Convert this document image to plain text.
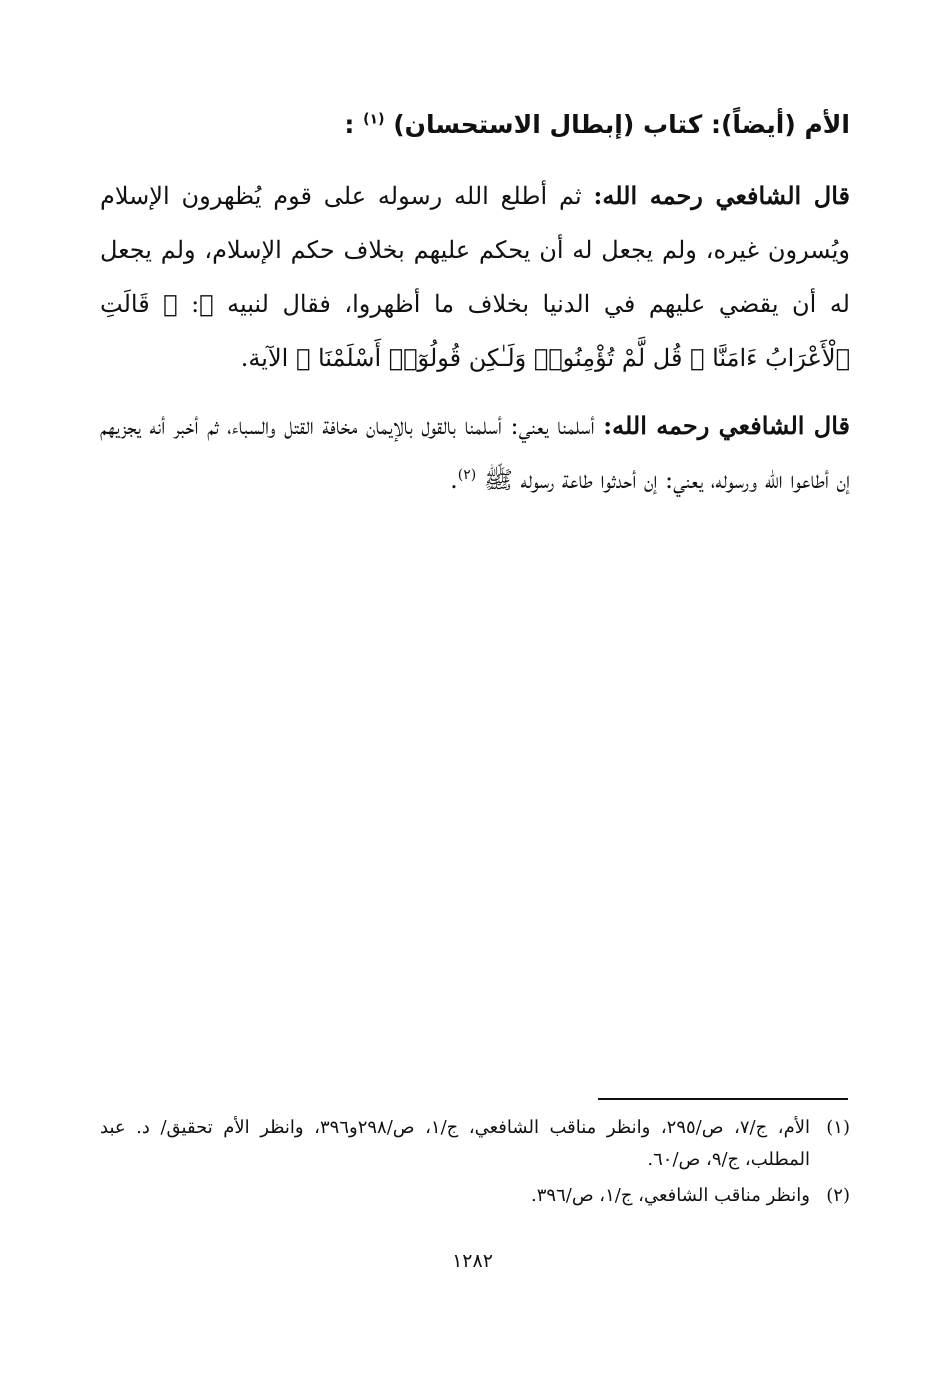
الأم (أيضاً): كتاب (إبطال الاستحسان) $^{(١)}$ :

قال الشافعي رحمه الله: ثم أطلع الله رسوله على قوم يُظهرون الإسلام ويُسرون غيره، ولم يجعل له أن يحكم عليهم بخلاف حكم الإسلام، ولم يجعل له أن يقضي عليهم في الدنيا بخلاف ما أظهروا، فقال لنبيه ﷺ: ﴿ قَالَتِ ٱلْأَعْرَابُ ءَامَنَّا ۖ قُل لَّمْ تُؤْمِنُوا۟ وَلَـٰكِن قُولُوٓا۟ أَسْلَمْنَا ﴾ الآية.

قال الشافعي رحمه الله: أسلمنا يعني: أسلمنا بالقول بالإيمان مخافة القتل والسباء، ثم أخبر أنه يجزيهم إن أطاعوا الله ورسوله، يعني: إن أحدثوا طاعة رسوله ﷺ $^{(٢)}$.

(١)
الأم، ج/٧، ص/٢٩٥، وانظر مناقب الشافعي، ج/١، ص/٢٩٨و٣٩٦، وانظر الأم تحقيق/ د. عبد المطلب، ج/٩، ص/٦٠.
(٢)
وانظر مناقب الشافعي، ج/١، ص/٣٩٦.
١٢٨٢
